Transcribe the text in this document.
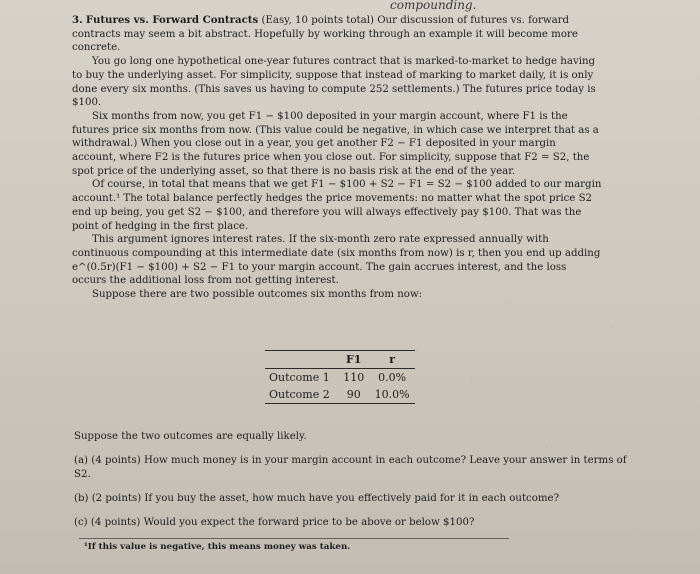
compounding.

3. Futures vs. Forward Contracts (Easy, 10 points total) Our discussion of futures vs. forward contracts may seem a bit abstract. Hopefully by working through an example it will become more concrete.

You go long one hypothetical one-year futures contract that is marked-to-market to hedge having to buy the underlying asset. For simplicity, suppose that instead of marking to market daily, it is only done every six months. (This saves us having to compute 252 settlements.) The futures price today is $100.

Six months from now, you get F1 − $100 deposited in your margin account, where F1 is the futures price six months from now. (This value could be negative, in which case we interpret that as a withdrawal.) When you close out in a year, you get another F2 − F1 deposited in your margin account, where F2 is the futures price when you close out. For simplicity, suppose that F2 = S2, the spot price of the underlying asset, so that there is no basis risk at the end of the year.

Of course, in total that means that we get F1 − $100 + S2 − F1 = S2 − $100 added to our margin account.¹ The total balance perfectly hedges the price movements: no matter what the spot price S2 end up being, you get S2 − $100, and therefore you will always effectively pay $100. That was the point of hedging in the first place.

This argument ignores interest rates. If the six-month zero rate expressed annually with continuous compounding at this intermediate date (six months from now) is r, then you end up adding e^(0.5r)(F1 − $100) + S2 − F1 to your margin account. The gain accrues interest, and the loss occurs the additional loss from not getting interest.

Suppose there are two possible outcomes six months from now:

	F1	r
Outcome 1	110	0.0%
Outcome 2	90	10.0%

Suppose the two outcomes are equally likely.

(a) (4 points) How much money is in your margin account in each outcome? Leave your answer in terms of S2.

(b) (2 points) If you buy the asset, how much have you effectively paid for it in each outcome?

(c) (4 points) Would you expect the forward price to be above or below $100?

¹If this value is negative, this means money was taken.
·
·
·
·
·
